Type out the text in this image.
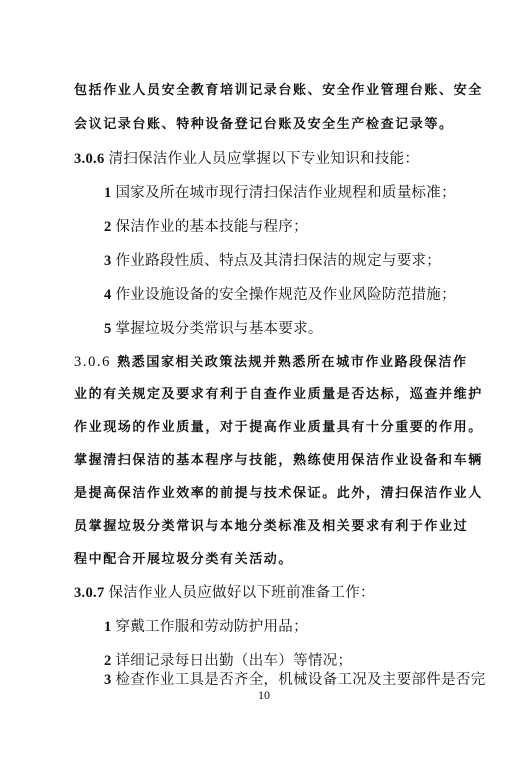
包括作业人员安全教育培训记录台账、安全作业管理台账、安全
会议记录台账、特种设备登记台账及安全生产检查记录等。
3.0.6 清扫保洁作业人员应掌握以下专业知识和技能：
1 国家及所在城市现行清扫保洁作业规程和质量标准；
2 保洁作业的基本技能与程序；
3 作业路段性质、特点及其清扫保洁的规定与要求；
4 作业设施设备的安全操作规范及作业风险防范措施；
5 掌握垃圾分类常识与基本要求。
3.0.6 熟悉国家相关政策法规并熟悉所在城市作业路段保洁作
业的有关规定及要求有利于自查作业质量是否达标，巡查并维护
作业现场的作业质量，对于提高作业质量具有十分重要的作用。
掌握清扫保洁的基本程序与技能，熟练使用保洁作业设备和车辆
是提高保洁作业效率的前提与技术保证。此外，清扫保洁作业人
员掌握垃圾分类常识与本地分类标准及相关要求有利于作业过
程中配合开展垃圾分类有关活动。
3.0.7 保洁作业人员应做好以下班前准备工作：
1 穿戴工作服和劳动防护用品；
2 详细记录每日出勤（出车）等情况；
3 检查作业工具是否齐全，机械设备工况及主要部件是否完
10
